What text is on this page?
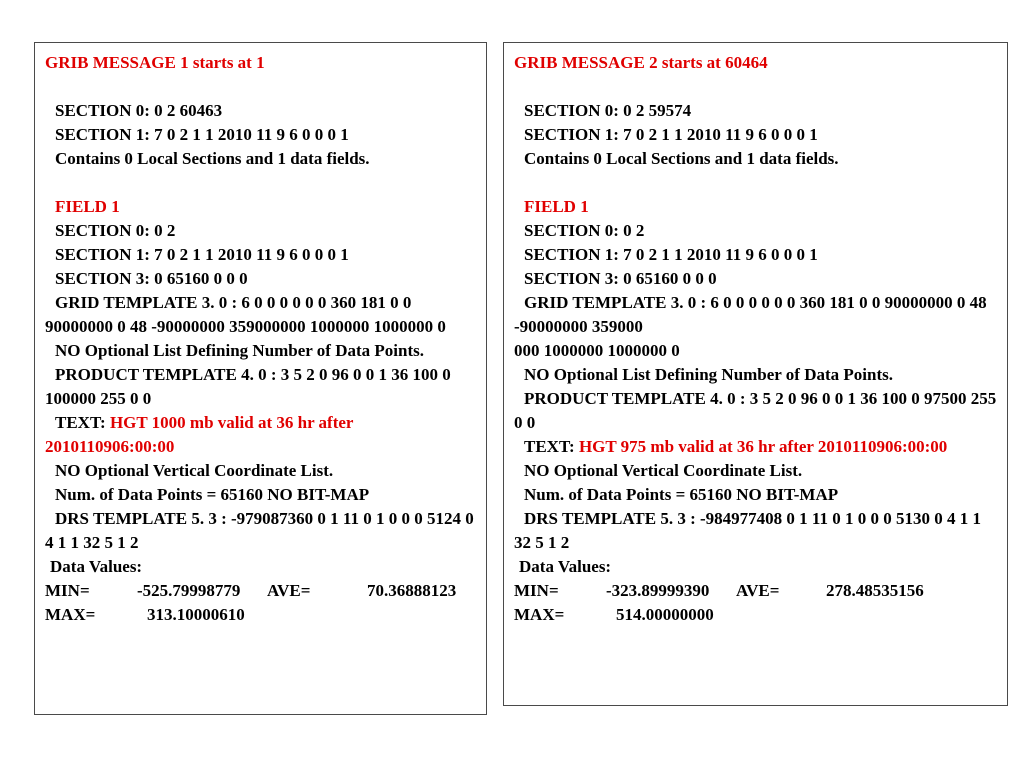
GRIB MESSAGE 1 starts at 1
SECTION 0: 0 2 60463
SECTION 1: 7 0 2 1 1 2010 11 9 6 0 0 0 1
Contains 0 Local Sections and 1 data fields.
FIELD 1
SECTION 0: 0 2
SECTION 1: 7 0 2 1 1 2010 11 9 6 0 0 0 1
SECTION 3: 0 65160 0 0 0
GRID TEMPLATE 3. 0 : 6 0 0 0 0 0 0 360 181 0 0 90000000 0 48 -90000000 359000000 1000000 1000000 0
NO Optional List Defining Number of Data Points.
PRODUCT TEMPLATE 4. 0 : 3 5 2 0 96 0 0 1 36 100 0 100000 255 0 0
TEXT: HGT 1000 mb valid at 36 hr after 2010110906:00:00
NO Optional Vertical Coordinate List.
Num. of Data Points = 65160 NO BIT-MAP
DRS TEMPLATE 5. 3 : -979087360 0 1 11 0 1 0 0 0 5124 0 4 1 1 32 5 1 2
Data Values:
MIN=	-525.79998779 AVE=	70.36888123
MAX=	313.10000610
GRIB MESSAGE 2 starts at 60464
SECTION 0: 0 2 59574
SECTION 1: 7 0 2 1 1 2010 11 9 6 0 0 0 1
Contains 0 Local Sections and 1 data fields.
FIELD 1
SECTION 0: 0 2
SECTION 1: 7 0 2 1 1 2010 11 9 6 0 0 0 1
SECTION 3: 0 65160 0 0 0
GRID TEMPLATE 3. 0 : 6 0 0 0 0 0 0 360 181 0 0 90000000 0 48 -90000000 359000
000 1000000 1000000 0
NO Optional List Defining Number of Data Points.
PRODUCT TEMPLATE 4. 0 : 3 5 2 0 96 0 0 1 36 100 0 97500 255 0 0
TEXT: HGT 975 mb valid at 36 hr after 2010110906:00:00
NO Optional Vertical Coordinate List.
Num. of Data Points = 65160 NO BIT-MAP
DRS TEMPLATE 5. 3 : -984977408 0 1 11 0 1 0 0 0 5130 0 4 1 1 32 5 1 2
Data Values:
MIN=	-323.89999390 AVE=	278.48535156
MAX=	514.00000000
